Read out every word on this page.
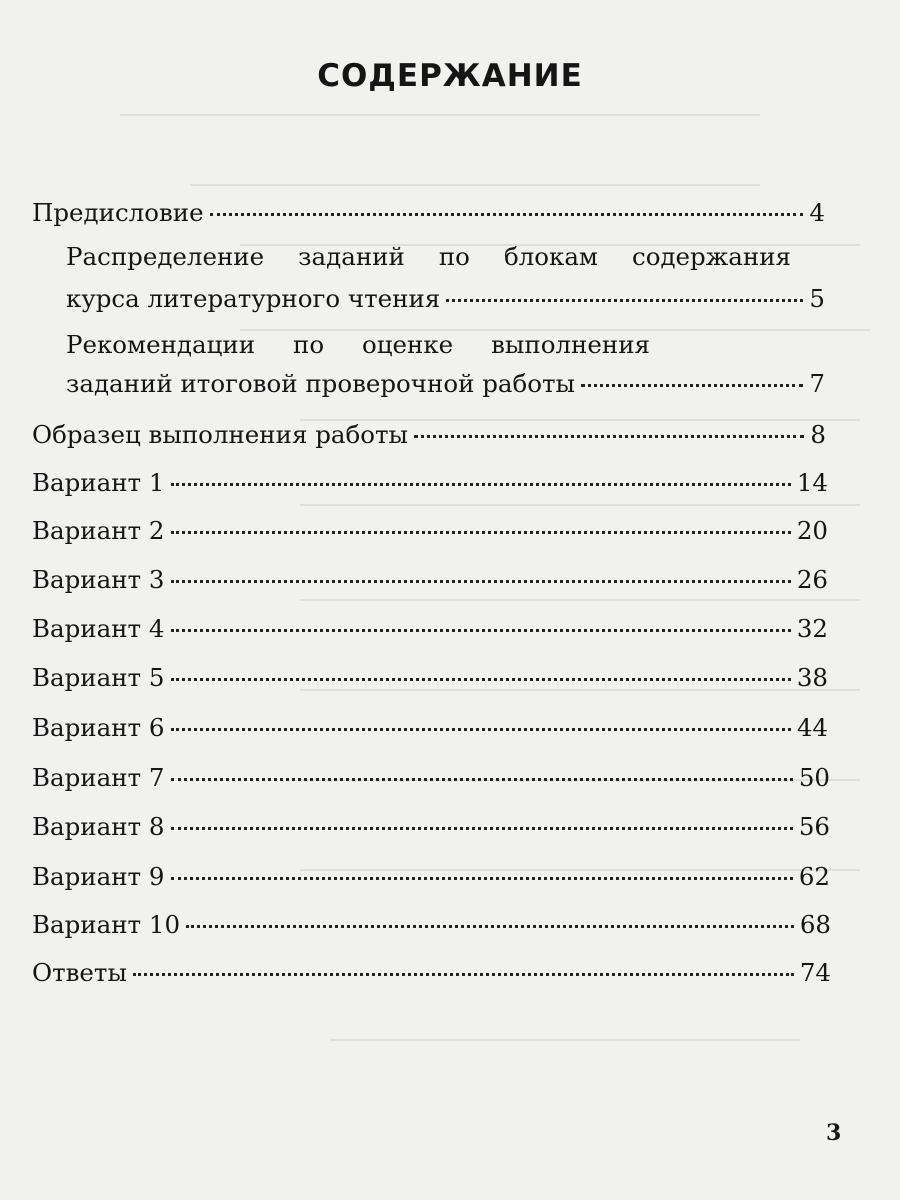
СОДЕРЖАНИЕ
Предисловие	4
Распределение заданий по блокам содержания
курса литературного чтения	5
Рекомендации по оценке выполнения
заданий итоговой проверочной работы	7
Образец выполнения работы	8
Вариант 1	14
Вариант 2	20
Вариант 3	26
Вариант 4	32
Вариант 5	38
Вариант 6	44
Вариант 7	50
Вариант 8	56
Вариант 9	62
Вариант 10	68
Ответы	74
3
